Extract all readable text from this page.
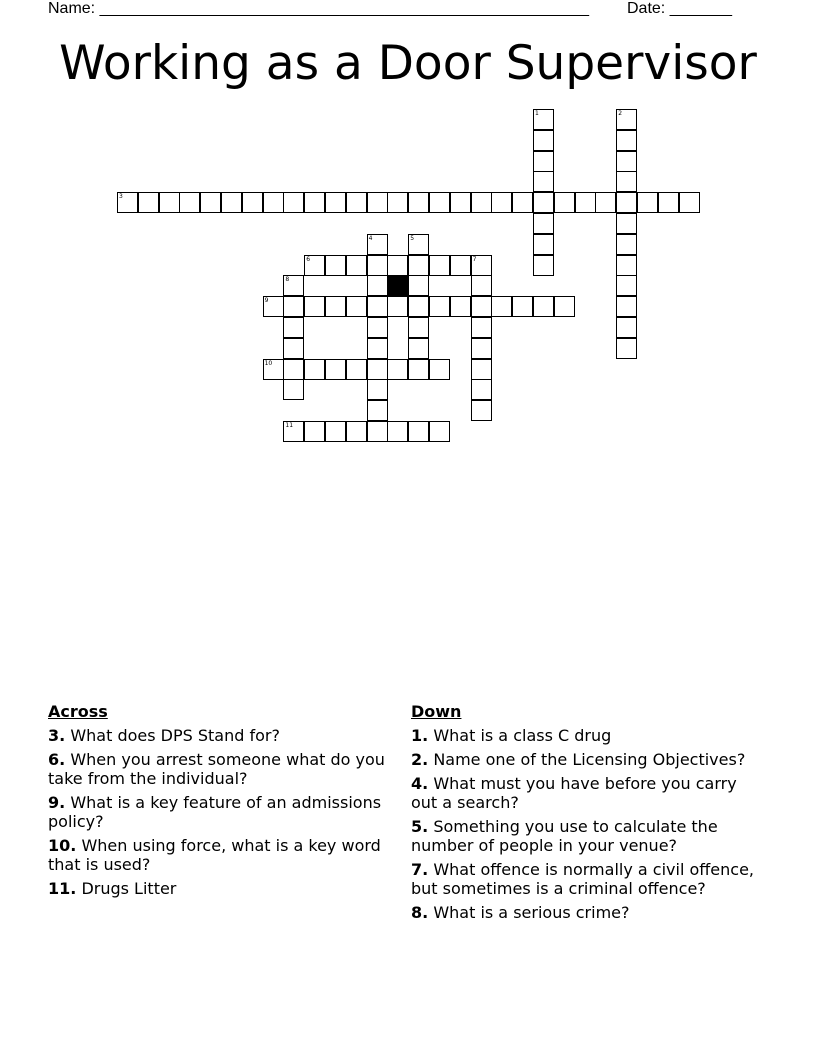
Name: _______________________________________________________ Date: _______
Working as a Door Supervisor
1	2
3
4	5
6	7
8
9
10
11
Across
3. What does DPS Stand for?
6. When you arrest someone what do you take from the individual?
9. What is a key feature of an admissions policy?
10. When using force, what is a key word that is used?
11. Drugs Litter
Down
1. What is a class C drug
2. Name one of the Licensing Objectives?
4. What must you have before you carry out a search?
5. Something you use to calculate the number of people in your venue?
7. What offence is normally a civil offence, but sometimes is a criminal offence?
8. What is a serious crime?
